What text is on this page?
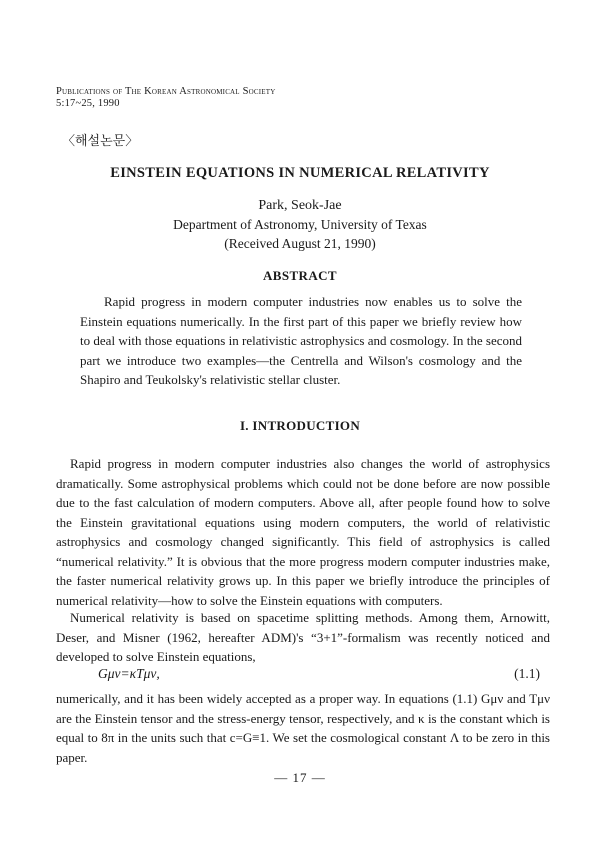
Publications of The Korean Astronomical Society
5:17~25, 1990
〈해설논문〉
EINSTEIN EQUATIONS IN NUMERICAL RELATIVITY
Park, Seok-Jae
Department of Astronomy, University of Texas
(Received August 21, 1990)
ABSTRACT

Rapid progress in modern computer industries now enables us to solve the Einstein equations numerically. In the first part of this paper we briefly review how to deal with those equations in relativistic astrophysics and cosmology. In the second part we introduce two examples—the Centrella and Wilson's cosmology and the Shapiro and Teukolsky's relativistic stellar cluster.

I. INTRODUCTION

Rapid progress in modern computer industries also changes the world of astrophysics dramatically. Some astrophysical problems which could not be done before are now possible due to the fast calculation of modern computers. Above all, after people found how to solve the Einstein gravitational equations using modern computers, the world of relativistic astrophysics and cosmology changed significantly. This field of astrophysics is called “numerical relativity.” It is obvious that the more progress modern computer industries make, the faster numerical relativity grows up. In this paper we briefly introduce the principles of numerical relativity—how to solve the Einstein equations with computers.

Numerical relativity is based on spacetime splitting methods. Among them, Arnowitt, Deser, and Misner (1962, hereafter ADM)'s “3+1”-formalism was recently noticed and developed to solve Einstein equations,

Gμν=κTμν,	(1.1)

numerically, and it has been widely accepted as a proper way. In equations (1.1) Gμν and Tμν are the Einstein tensor and the stress-energy tensor, respectively, and κ is the constant which is equal to 8π in the units such that c=G≡1. We set the cosmological constant Λ to be zero in this paper.

— 17 —
